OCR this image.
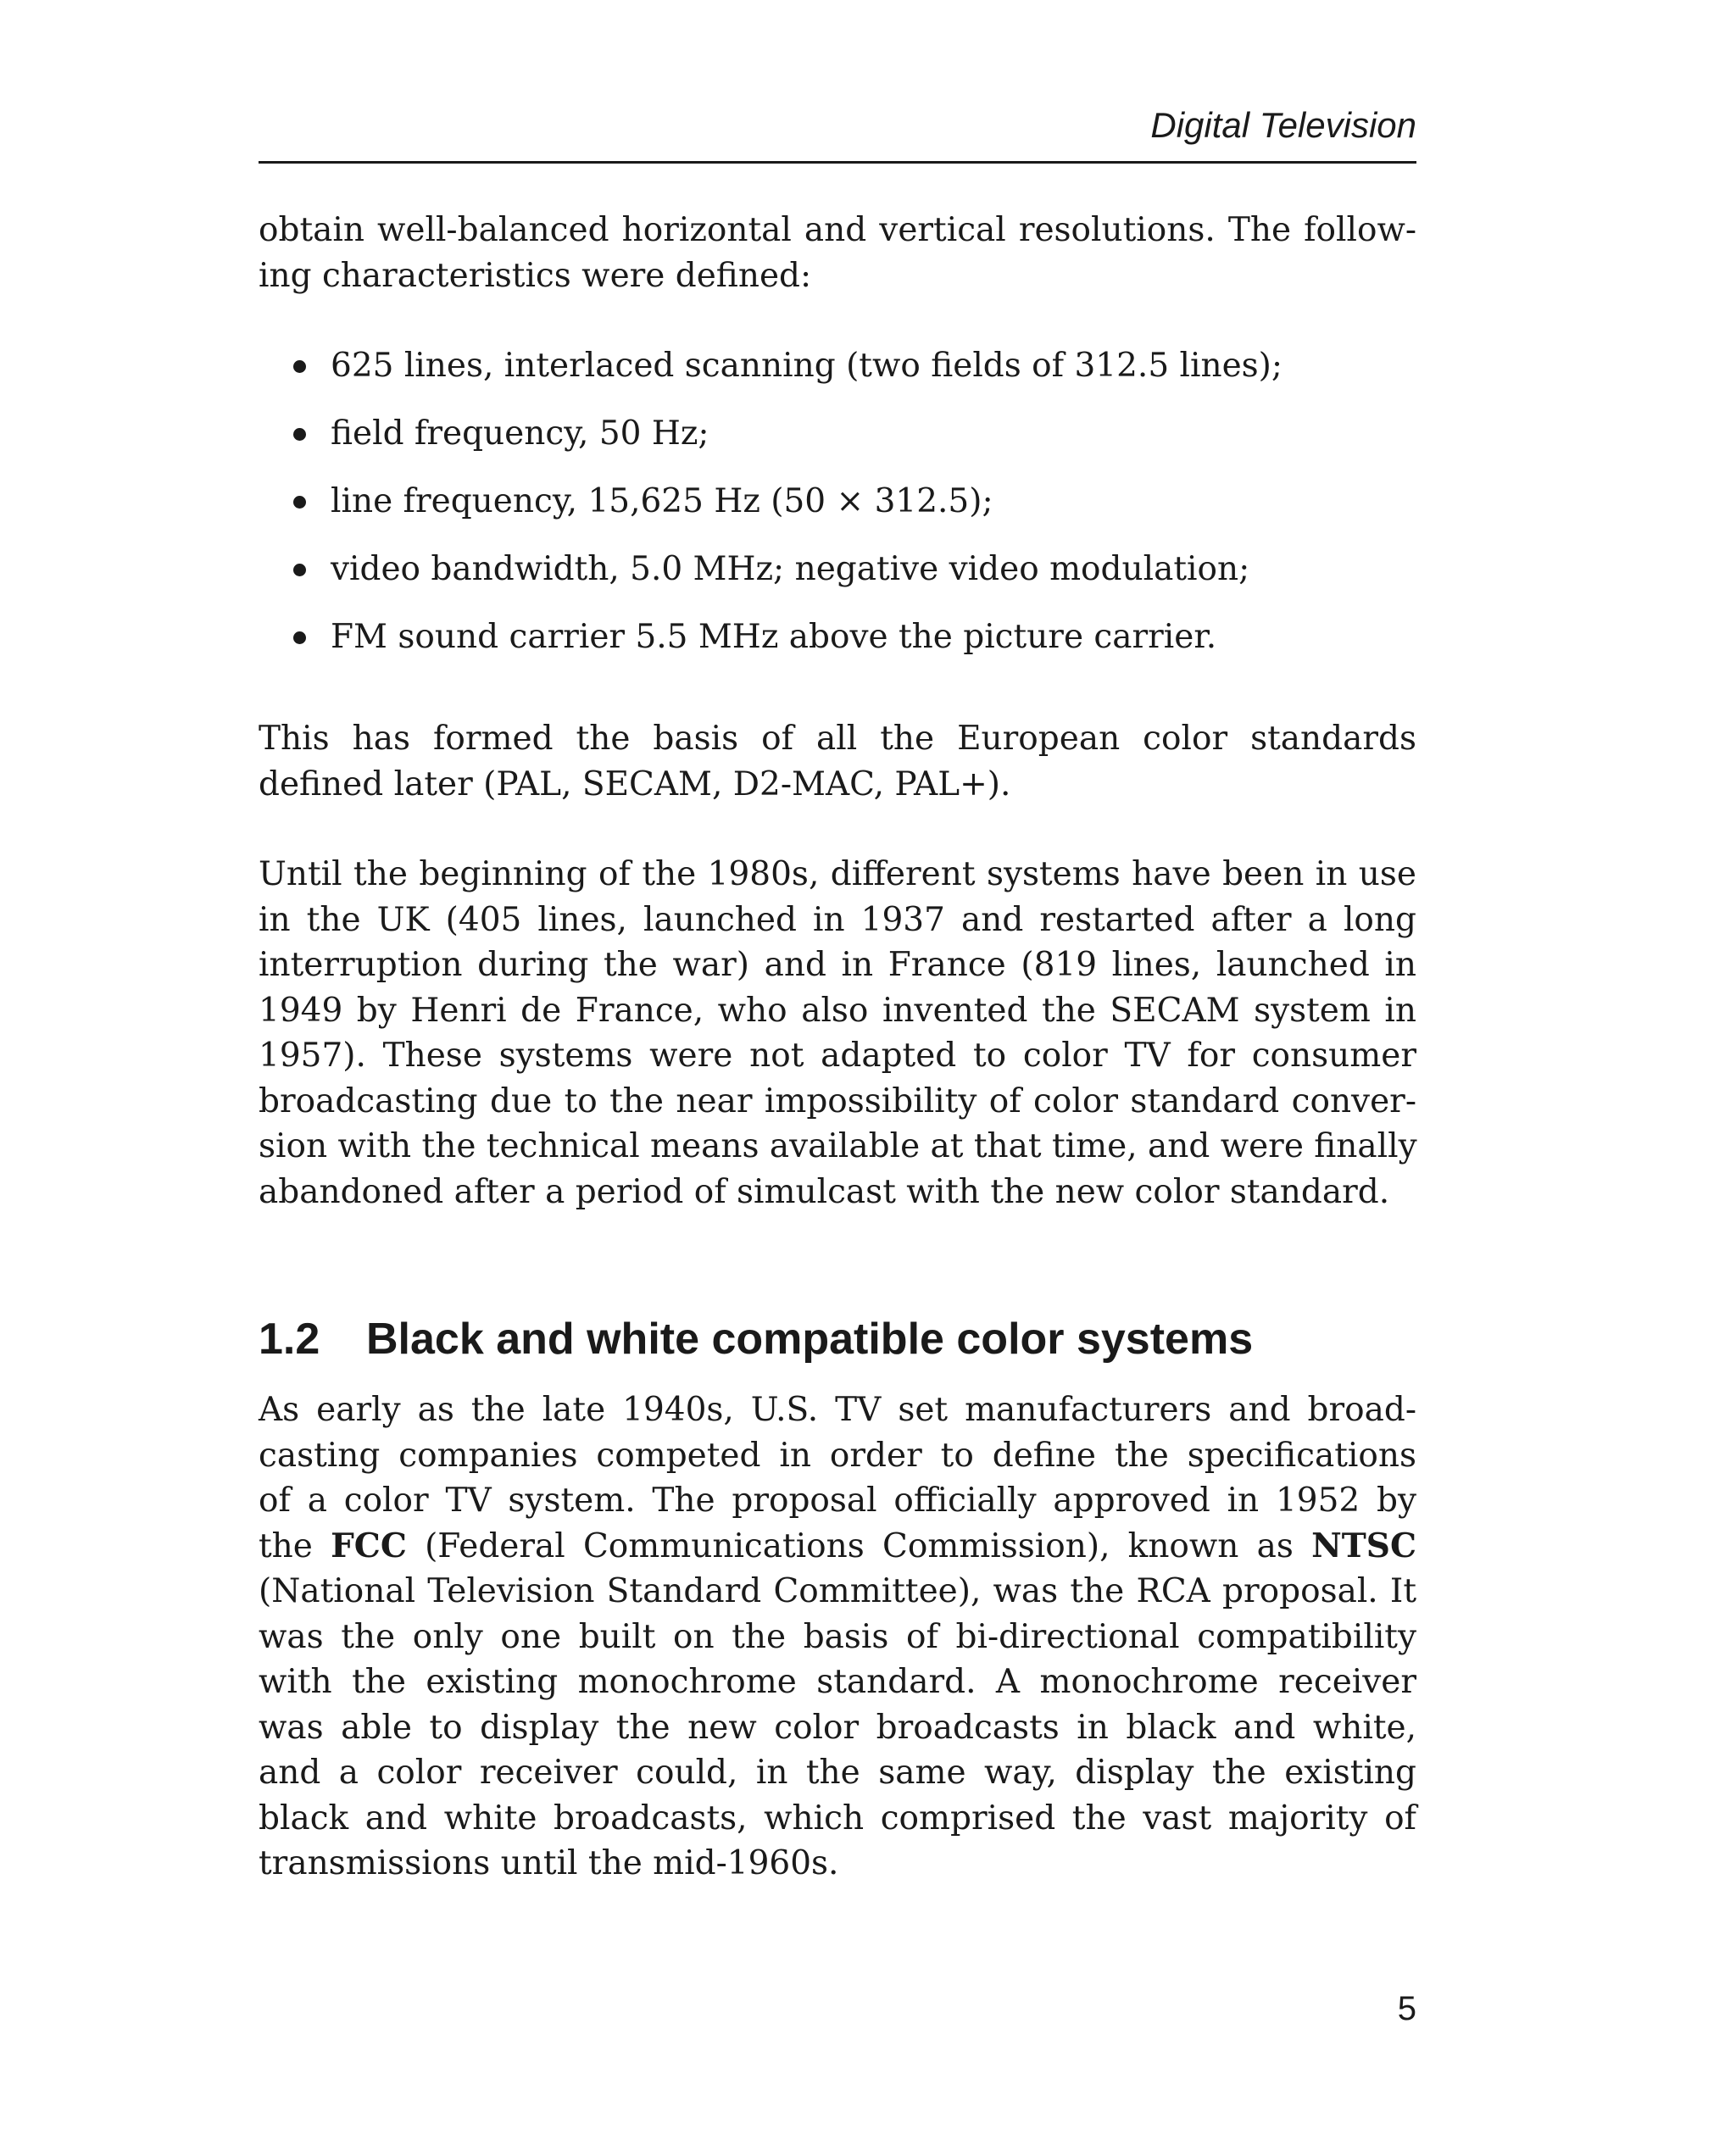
Digital Television

obtain well-balanced horizontal and vertical resolutions. The follow-
ing characteristics were defined:

625 lines, interlaced scanning (two fields of 312.5 lines);
field frequency, 50 Hz;
line frequency, 15,625 Hz (50 × 312.5);
video bandwidth, 5.0 MHz; negative video modulation;
FM sound carrier 5.5 MHz above the picture carrier.

This has formed the basis of all the European color standards
defined later (PAL, SECAM, D2-MAC, PAL+).

Until the beginning of the 1980s, different systems have been in use
in the UK (405 lines, launched in 1937 and restarted after a long
interruption during the war) and in France (819 lines, launched in
1949 by Henri de France, who also invented the SECAM system in
1957). These systems were not adapted to color TV for consumer
broadcasting due to the near impossibility of color standard conver-
sion with the technical means available at that time, and were finally
abandoned after a period of simulcast with the new color standard.

1.2 Black and white compatible color systems

As early as the late 1940s, U.S. TV set manufacturers and broad-
casting companies competed in order to define the specifications
of a color TV system. The proposal officially approved in 1952 by
the FCC (Federal Communications Commission), known as NTSC
(National Television Standard Committee), was the RCA proposal. It
was the only one built on the basis of bi-directional compatibility
with the existing monochrome standard. A monochrome receiver
was able to display the new color broadcasts in black and white,
and a color receiver could, in the same way, display the existing
black and white broadcasts, which comprised the vast majority of
transmissions until the mid-1960s.

5
